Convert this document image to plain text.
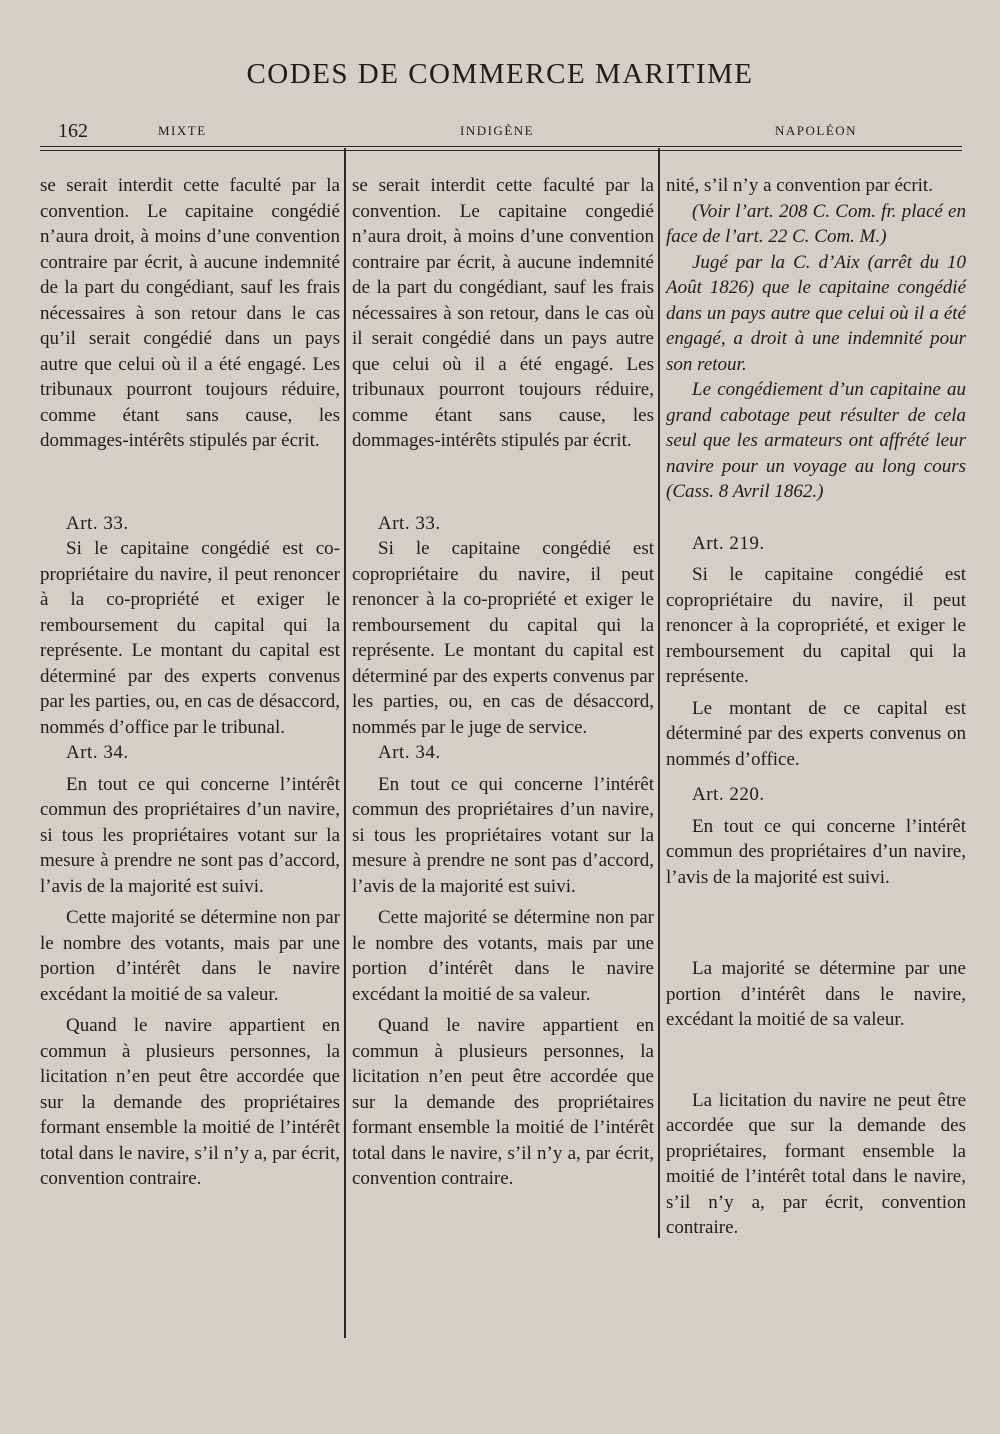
CODES DE COMMERCE MARITIME
162	MIXTE	INDIGÈNE	NAPOLÉON

se serait interdit cette faculté par la convention. Le capitaine congédié n’aura droit, à moins d’une convention contraire par écrit, à aucune indemnité de la part du congédiant, sauf les frais nécessaires à son retour dans le cas qu’il serait congédié dans un pays autre que celui où il a été engagé. Les tribunaux pourront toujours réduire, comme étant sans cause, les dommages-intérêts stipulés par écrit.

Art. 33.

Si le capitaine congédié est co-propriétaire du navire, il peut renoncer à la co-propriété et exiger le remboursement du capital qui la représente. Le montant du capital est déterminé par des experts convenus par les parties, ou, en cas de désaccord, nommés d’office par le tribunal.

Art. 34.

En tout ce qui concerne l’intérêt commun des propriétaires d’un navire, si tous les propriétaires votant sur la mesure à prendre ne sont pas d’accord, l’avis de la majorité est suivi.

Cette majorité se détermine non par le nombre des votants, mais par une portion d’intérêt dans le navire excédant la moitié de sa valeur.

Quand le navire appartient en commun à plusieurs personnes, la licitation n’en peut être accordée que sur la demande des propriétaires formant ensemble la moitié de l’intérêt total dans le navire, s’il n’y a, par écrit, convention contraire.

se serait interdit cette faculté par la convention. Le capitaine congedié n’aura droit, à moins d’une convention contraire par écrit, à aucune indemnité de la part du congédiant, sauf les frais nécessaires à son retour, dans le cas où il serait congédié dans un pays autre que celui où il a été engagé. Les tribunaux pourront toujours réduire, comme étant sans cause, les dommages-intérêts stipulés par écrit.

Art. 33.

Si le capitaine congédié est copropriétaire du navire, il peut renoncer à la co-propriété et exiger le remboursement du capital qui la représente. Le montant du capital est déterminé par des experts convenus par les parties, ou, en cas de désaccord, nommés par le juge de service.

Art. 34.

En tout ce qui concerne l’intérêt commun des propriétaires d’un navire, si tous les propriétaires votant sur la mesure à prendre ne sont pas d’accord, l’avis de la majorité est suivi.

Cette majorité se détermine non par le nombre des votants, mais par une portion d’intérêt dans le navire excédant la moitié de sa valeur.

Quand le navire appartient en commun à plusieurs personnes, la licitation n’en peut être accordée que sur la demande des propriétaires formant ensemble la moitié de l’intérêt total dans le navire, s’il n’y a, par écrit, convention contraire.

nité, s’il n’y a convention par écrit.

(Voir l’art. 208 C. Com. fr. placé en face de l’art. 22 C. Com. M.)

Jugé par la C. d’Aix (arrêt du 10 Août 1826) que le capitaine congédié dans un pays autre que celui où il a été engagé, a droit à une indemnité pour son retour.

Le congédiement d’un capitaine au grand cabotage peut résulter de cela seul que les armateurs ont affrété leur navire pour un voyage au long cours (Cass. 8 Avril 1862.)

Art. 219.

Si le capitaine congédié est copropriétaire du navire, il peut renoncer à la copropriété, et exiger le remboursement du capital qui la représente.

Le montant de ce capital est déterminé par des experts convenus on nommés d’office.

Art. 220.

En tout ce qui concerne l’intérêt commun des propriétaires d’un navire, l’avis de la majorité est suivi.

La majorité se détermine par une portion d’intérêt dans le navire, excédant la moitié de sa valeur.

La licitation du navire ne peut être accordée que sur la demande des propriétaires, formant ensemble la moitié de l’intérêt total dans le navire, s’il n’y a, par écrit, convention contraire.
